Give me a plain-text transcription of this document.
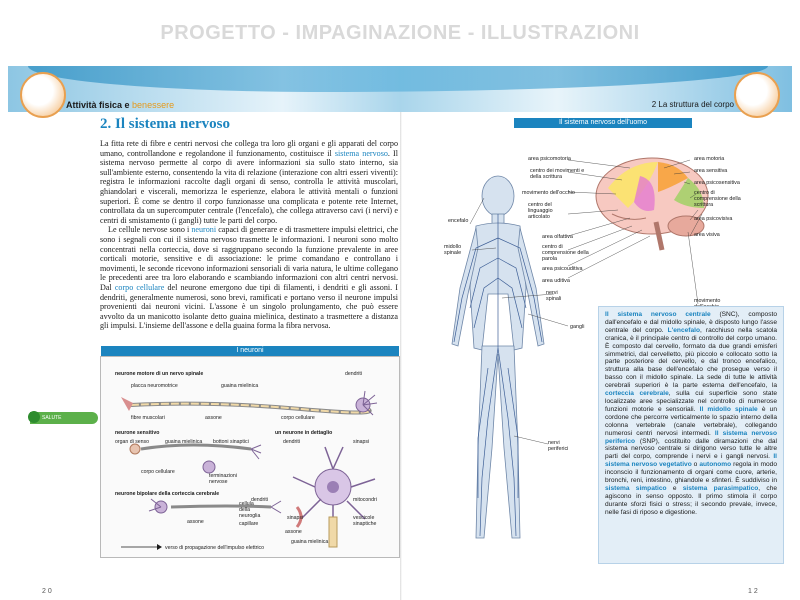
PROGETTO - IMPAGINAZIONE - ILLUSTRAZIONI
Attività fisica e benessere	2 La struttura del corpo
2. Il sistema nervoso

La fitta rete di fibre e centri nervosi che collega tra loro gli organi e gli apparati del corpo umano, controllandone e regolandone il funzionamento, costituisce il sistema nervoso. Il sistema nervoso permette al corpo di avere informazioni sia sullo stato interno, sia sull'ambiente esterno, consentendo la vita di relazione (interazione con altri esseri viventi): registra le informazioni raccolte dagli organi di senso, controlla le attività muscolari, ghiandolari e viscerali, memorizza le esperienze, elabora le attività mentali o funzioni superiori. È come se dentro il corpo funzionasse una complicata e potente rete Internet, controllata da un supercomputer centrale (l'encefalo), che collega attraverso cavi (i nervi) e centri di smistamento (i gangli) tutte le parti del corpo.

Le cellule nervose sono i neuroni capaci di generare e di trasmettere impulsi elettrici, che sono i segnali con cui il sistema nervoso trasmette le informazioni. I neuroni sono molto concentrati nella corteccia, dove si raggruppano secondo la funzione prevalente in aree corticali motorie, sensitive e di associazione: le prime comandano e controllano i movimenti, le seconde ricevono informazioni sensoriali di varia natura, le ultime collegano le precedenti aree tra loro elaborando e scambiando informazioni con altri centri nervosi. Dal corpo cellulare del neurone emergono due tipi di filamenti, i dendriti e gli assoni. I dendriti, generalmente numerosi, sono brevi, ramificati e portano verso il neurone impulsi provenienti dai neuroni vicini. L'assone è un singolo prolungamento, che può essere avvolto da un manicotto isolante detto guaina mielinica, destinato a trasmettere a distanza gli impulsi. L'insieme dell'assone e della guaina forma la fibra nervosa.

I neuroni
neurone motore di un nervo spinale
placca neuromotrice	guaina mielinica
dendriti
fibre muscolari	assone	corpo cellulare
neurone sensitivo
organ di senso	guaina mielinica bottoni sinaptici
corpo cellulare
terminazioni nervose
un neurone in dettaglio
dendriti	sinapsi
neurone bipolare della corteccia cerebrale
dendriti
assone
cellula della neuroglia
capillare
sinapsi
mitocondri
vescicole sinaptiche
assone
guaina mielinica
verso di propagazione dell'impulso elettrico
SALUTE
2 0
Il sistema nervoso dell'uomo
area psicomotoria
centro dei movimenti e della scrittura
movimento dell'occhio
centro del linguaggio articolato
encefalo
area olfattiva
centro di comprensione della parola
midollo spinale
area psicouditiva
area uditiva
area motoria
area sensitiva
area psicosensitiva
centro di comprensione della scrittura
area psicovisiva
area visiva
movimento
nervi spinali
gangli
nervi periferici

Il sistema nervoso centrale (SNC), composto dall'encefalo e dal midollo spinale, è disposto lungo l'asse centrale del corpo. L'encefalo, racchiuso nella scatola cranica, è il principale centro di controllo del corpo umano. È composto dal cervello, formato da due grandi emisferi simmetrici, dal cervelletto, più piccolo e collocato sotto la parte posteriore del cervello, e dal tronco encefalico, struttura alla base dell'encefalo che prosegue verso il basso con il midollo spinale. La sede di tutte le attività cerebrali superiori è la parte esterna dell'encefalo, la corteccia cerebrale, sulla cui superficie sono state localizzate aree specializzate nel controllo di numerose funzioni motorie e sensoriali. Il midollo spinale è un cordone che percorre verticalmente lo spazio interno della colonna vertebrale (canale vertebrale), collegando numerosi centri nervosi intermedi. Il sistema nervoso periferico (SNP), costituito dalle diramazioni che dal sistema nervoso centrale si dirigono verso tutte le altre parti del corpo, comprende i nervi e i gangli nervosi. Il sistema nervoso vegetativo o autonomo regola in modo inconscio il funzionamento di organi come cuore, arterie, bronchi, reni, intestino, ghiandole e sfinteri. È suddiviso in sistema simpatico e sistema parasimpatico, che agiscono in senso opposto. Il primo stimola il corpo durante sforzi fisici o stress; il secondo prevale, invece, nelle fasi di riposo e digestione.

1 2
